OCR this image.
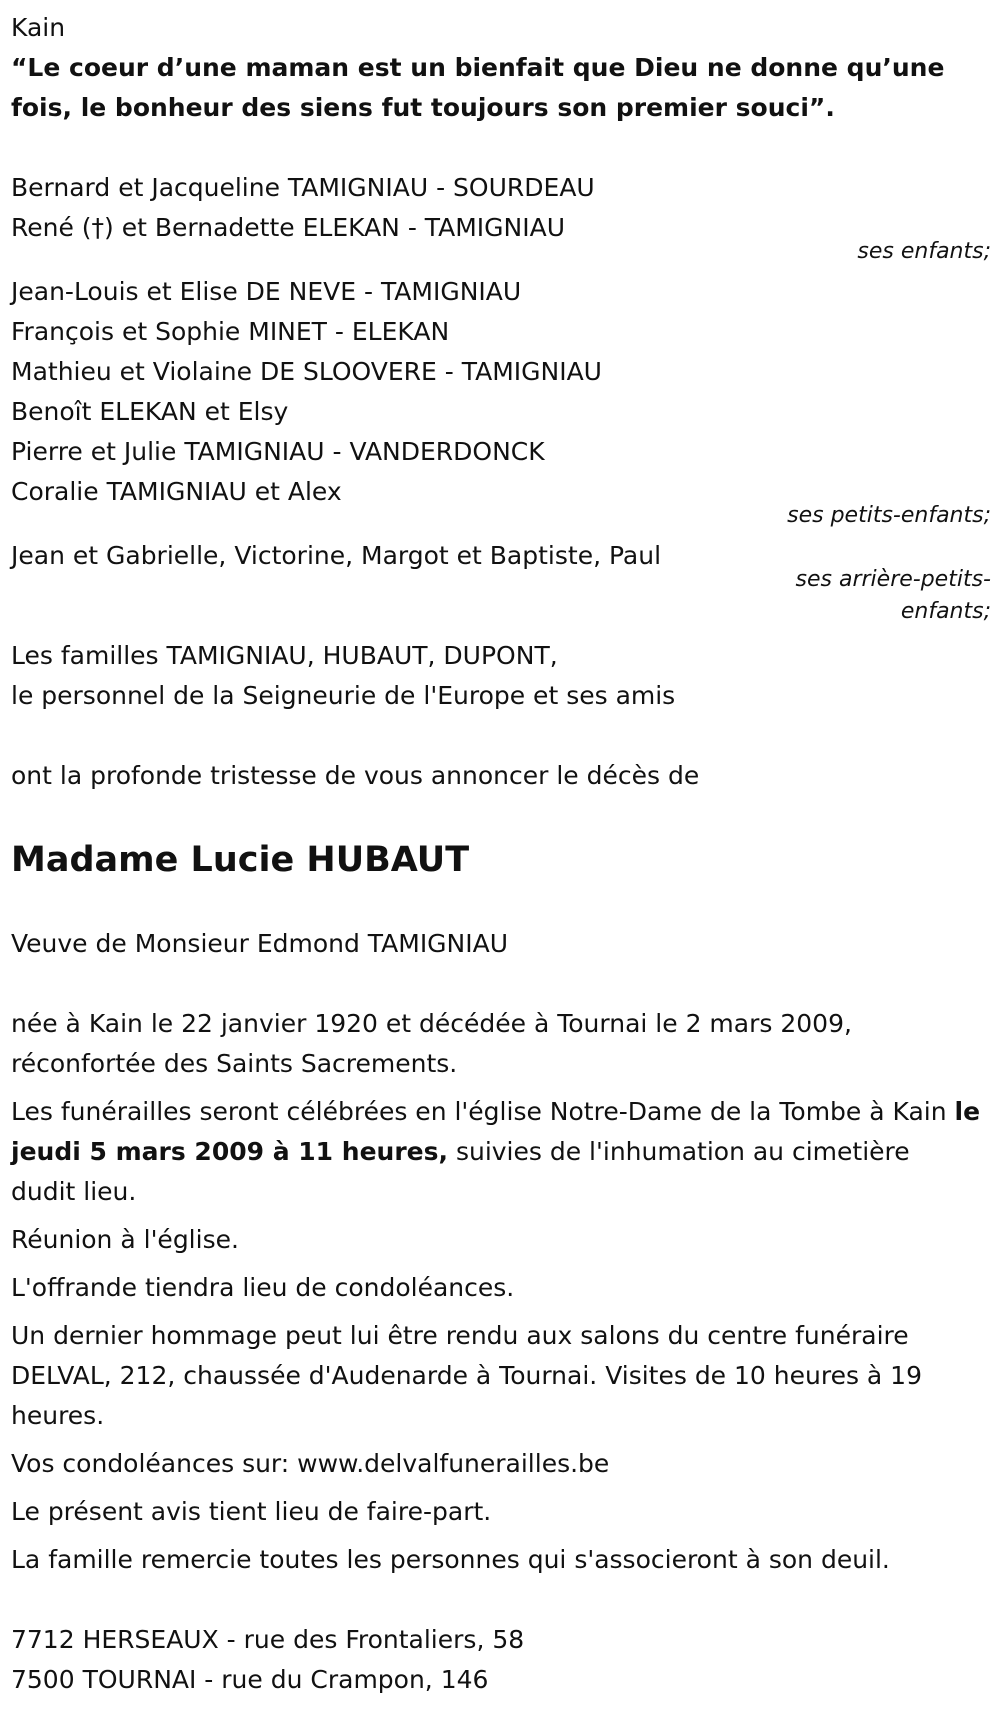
Kain
“Le coeur d’une maman est un bienfait que Dieu ne donne qu’une fois, le bonheur des siens fut toujours son premier souci”.
Bernard et Jacqueline TAMIGNIAU - SOURDEAU
René (†) et Bernadette ELEKAN - TAMIGNIAU
ses enfants;
Jean-Louis et Elise DE NEVE - TAMIGNIAU
François et Sophie MINET - ELEKAN
Mathieu et Violaine DE SLOOVERE - TAMIGNIAU
Benoît ELEKAN et Elsy
Pierre et Julie TAMIGNIAU - VANDERDONCK
Coralie TAMIGNIAU et Alex
ses petits-enfants;
Jean et Gabrielle, Victorine, Margot et Baptiste, Paul
ses arrière-petits-enfants;
Les familles TAMIGNIAU, HUBAUT, DUPONT,
le personnel de la Seigneurie de l'Europe et ses amis
ont la profonde tristesse de vous annoncer le décès de
Madame Lucie HUBAUT
Veuve de Monsieur Edmond TAMIGNIAU
née à Kain le 22 janvier 1920 et décédée à Tournai le 2 mars 2009, réconfortée des Saints Sacrements.
Les funérailles seront célébrées en l'église Notre-Dame de la Tombe à Kain le jeudi 5 mars 2009 à 11 heures, suivies de l'inhumation au cimetière dudit lieu.
Réunion à l'église.
L'offrande tiendra lieu de condoléances.
Un dernier hommage peut lui être rendu aux salons du centre funéraire DELVAL, 212, chaussée d'Audenarde à Tournai. Visites de 10 heures à 19 heures.
Vos condoléances sur: www.delvalfunerailles.be
Le présent avis tient lieu de faire-part.
La famille remercie toutes les personnes qui s'associeront à son deuil.
7712 HERSEAUX - rue des Frontaliers, 58
7500 TOURNAI - rue du Crampon, 146
